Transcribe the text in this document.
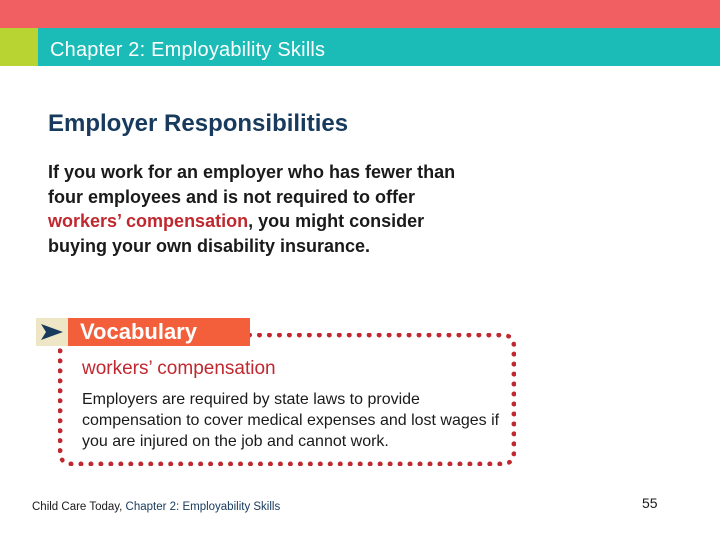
Chapter 2: Employability Skills
Employer Responsibilities
If you work for an employer who has fewer than four employees and is not required to offer workers’ compensation, you might consider buying your own disability insurance.
Vocabulary
workers’ compensation
Employers are required by state laws to provide compensation to cover medical expenses and lost wages if you are injured on the job and cannot work.
Child Care Today, Chapter 2: Employability Skills	55
